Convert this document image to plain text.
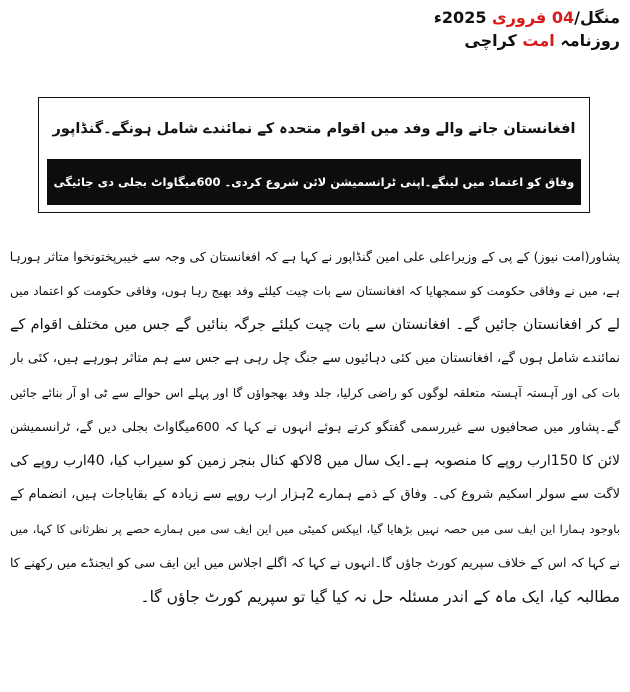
منگل/04 فروری 2025ء
روزنامہ امت کراچی
افغانستان جانے والے وفد میں اقوام متحدہ کے نمائندے شامل ہونگے۔گنڈاپور
وفاق کو اعتماد میں لینگے۔اپنی ٹرانسمیشن لائن شروع کردی۔ 600میگاواٹ بجلی دی جائیگی
پشاور(امت نیوز) کے پی کے وزیراعلی علی امین گنڈاپور نے کہا ہے کہ افغانستان کی وجہ سے خیبرپختونخوا متاثر ہورہا
ہے، میں نے وفاقی حکومت کو سمجھایا کہ افغانستان سے بات چیت کیلئے وفد بھیج رہا ہوں، وفاقی حکومت کو اعتماد میں
لے کر افغانستان جائیں گے۔ افغانستان سے بات چیت کیلئے جرگہ بنائیں گے جس میں مختلف اقوام کے
نمائندے شامل ہوں گے، افغانستان میں کئی دہائیوں سے جنگ چل رہی ہے جس سے ہم متاثر ہورہے ہیں، کئی بار
بات کی اور آہستہ آہستہ متعلقہ لوگوں کو راضی کرلیا، جلد وفد بھجواؤں گا اور پہلے اس حوالے سے ٹی او آر بنائے جائیں
گے۔پشاور میں صحافیوں سے غیررسمی گفتگو کرتے ہوئے انہوں نے کہا کہ 600میگاواٹ بجلی دیں گے، ٹرانسمیشن
لائن کا 150ارب روپے کا منصوبہ ہے۔ایک سال میں 8لاکھ کنال بنجر زمین کو سیراب کیا، 40ارب روپے کی
لاگت سے سولر اسکیم شروع کی۔ وفاق کے ذمے ہمارے 2ہزار ارب روپے سے زیادہ کے بقایاجات ہیں، انضمام کے
باوجود ہمارا این ایف سی میں حصہ نہیں بڑھایا گیا، ایپکس کمیٹی میں این ایف سی میں ہمارے حصے پر نظرثانی کا کہا، میں
نے کہا کہ اس کے خلاف سپریم کورٹ جاؤں گا۔انہوں نے کہا کہ اگلے اجلاس میں این ایف سی کو ایجنڈے میں رکھنے کا
مطالبہ کیا، ایک ماہ کے اندر مسئلہ حل نہ کیا گیا تو سپریم کورٹ جاؤں گا۔
